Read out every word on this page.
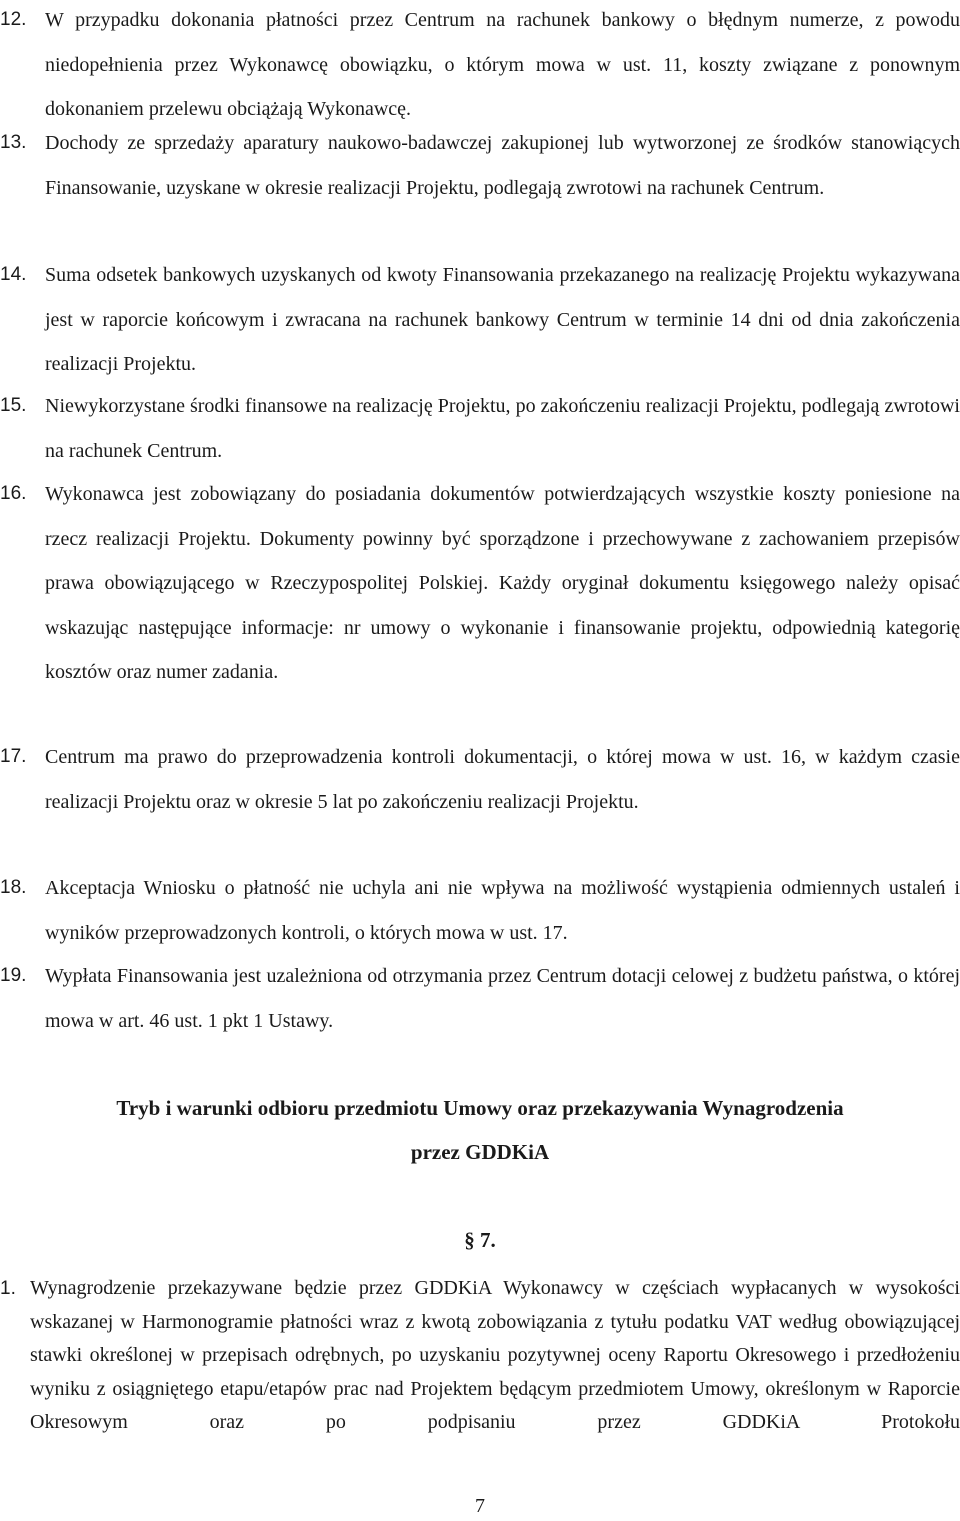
12. W przypadku dokonania płatności przez Centrum na rachunek bankowy o błędnym numerze, z powodu niedopełnienia przez Wykonawcę obowiązku, o którym mowa w ust. 11, koszty związane z ponownym dokonaniem przelewu obciążają Wykonawcę.
13. Dochody ze sprzedaży aparatury naukowo-badawczej zakupionej lub wytworzonej ze środków stanowiących Finansowanie, uzyskane w okresie realizacji Projektu, podlegają zwrotowi na rachunek Centrum.
14. Suma odsetek bankowych uzyskanych od kwoty Finansowania przekazanego na realizację Projektu wykazywana jest w raporcie końcowym i zwracana na rachunek bankowy Centrum w terminie 14 dni od dnia zakończenia realizacji Projektu.
15. Niewykorzystane środki finansowe na realizację Projektu, po zakończeniu realizacji Projektu, podlegają zwrotowi na rachunek Centrum.
16. Wykonawca jest zobowiązany do posiadania dokumentów potwierdzających wszystkie koszty poniesione na rzecz realizacji Projektu. Dokumenty powinny być sporządzone i przechowywane z zachowaniem przepisów prawa obowiązującego w Rzeczypospolitej Polskiej. Każdy oryginał dokumentu księgowego należy opisać wskazując następujące informacje: nr umowy o wykonanie i finansowanie projektu, odpowiednią kategorię kosztów oraz numer zadania.
17. Centrum ma prawo do przeprowadzenia kontroli dokumentacji, o której mowa w ust. 16, w każdym czasie realizacji Projektu oraz w okresie 5 lat po zakończeniu realizacji Projektu.
18. Akceptacja Wniosku o płatność nie uchyla ani nie wpływa na możliwość wystąpienia odmiennych ustaleń i wyników przeprowadzonych kontroli, o których mowa w ust. 17.
19. Wypłata Finansowania jest uzależniona od otrzymania przez Centrum dotacji celowej z budżetu państwa, o której mowa w art. 46 ust. 1 pkt 1 Ustawy.
Tryb i warunki odbioru przedmiotu Umowy oraz przekazywania Wynagrodzenia
przez GDDKiA
§ 7.
1. Wynagrodzenie przekazywane będzie przez GDDKiA Wykonawcy w częściach wypłacanych w wysokości wskazanej w Harmonogramie płatności wraz z kwotą zobowiązania z tytułu podatku VAT według obowiązującej stawki określonej w przepisach odrębnych, po uzyskaniu pozytywnej oceny Raportu Okresowego i przedłożeniu wyniku z osiągniętego etapu/etapów prac nad Projektem będącym przedmiotem Umowy, określonym w Raporcie Okresowym oraz po podpisaniu przez GDDKiA Protokołu
7
